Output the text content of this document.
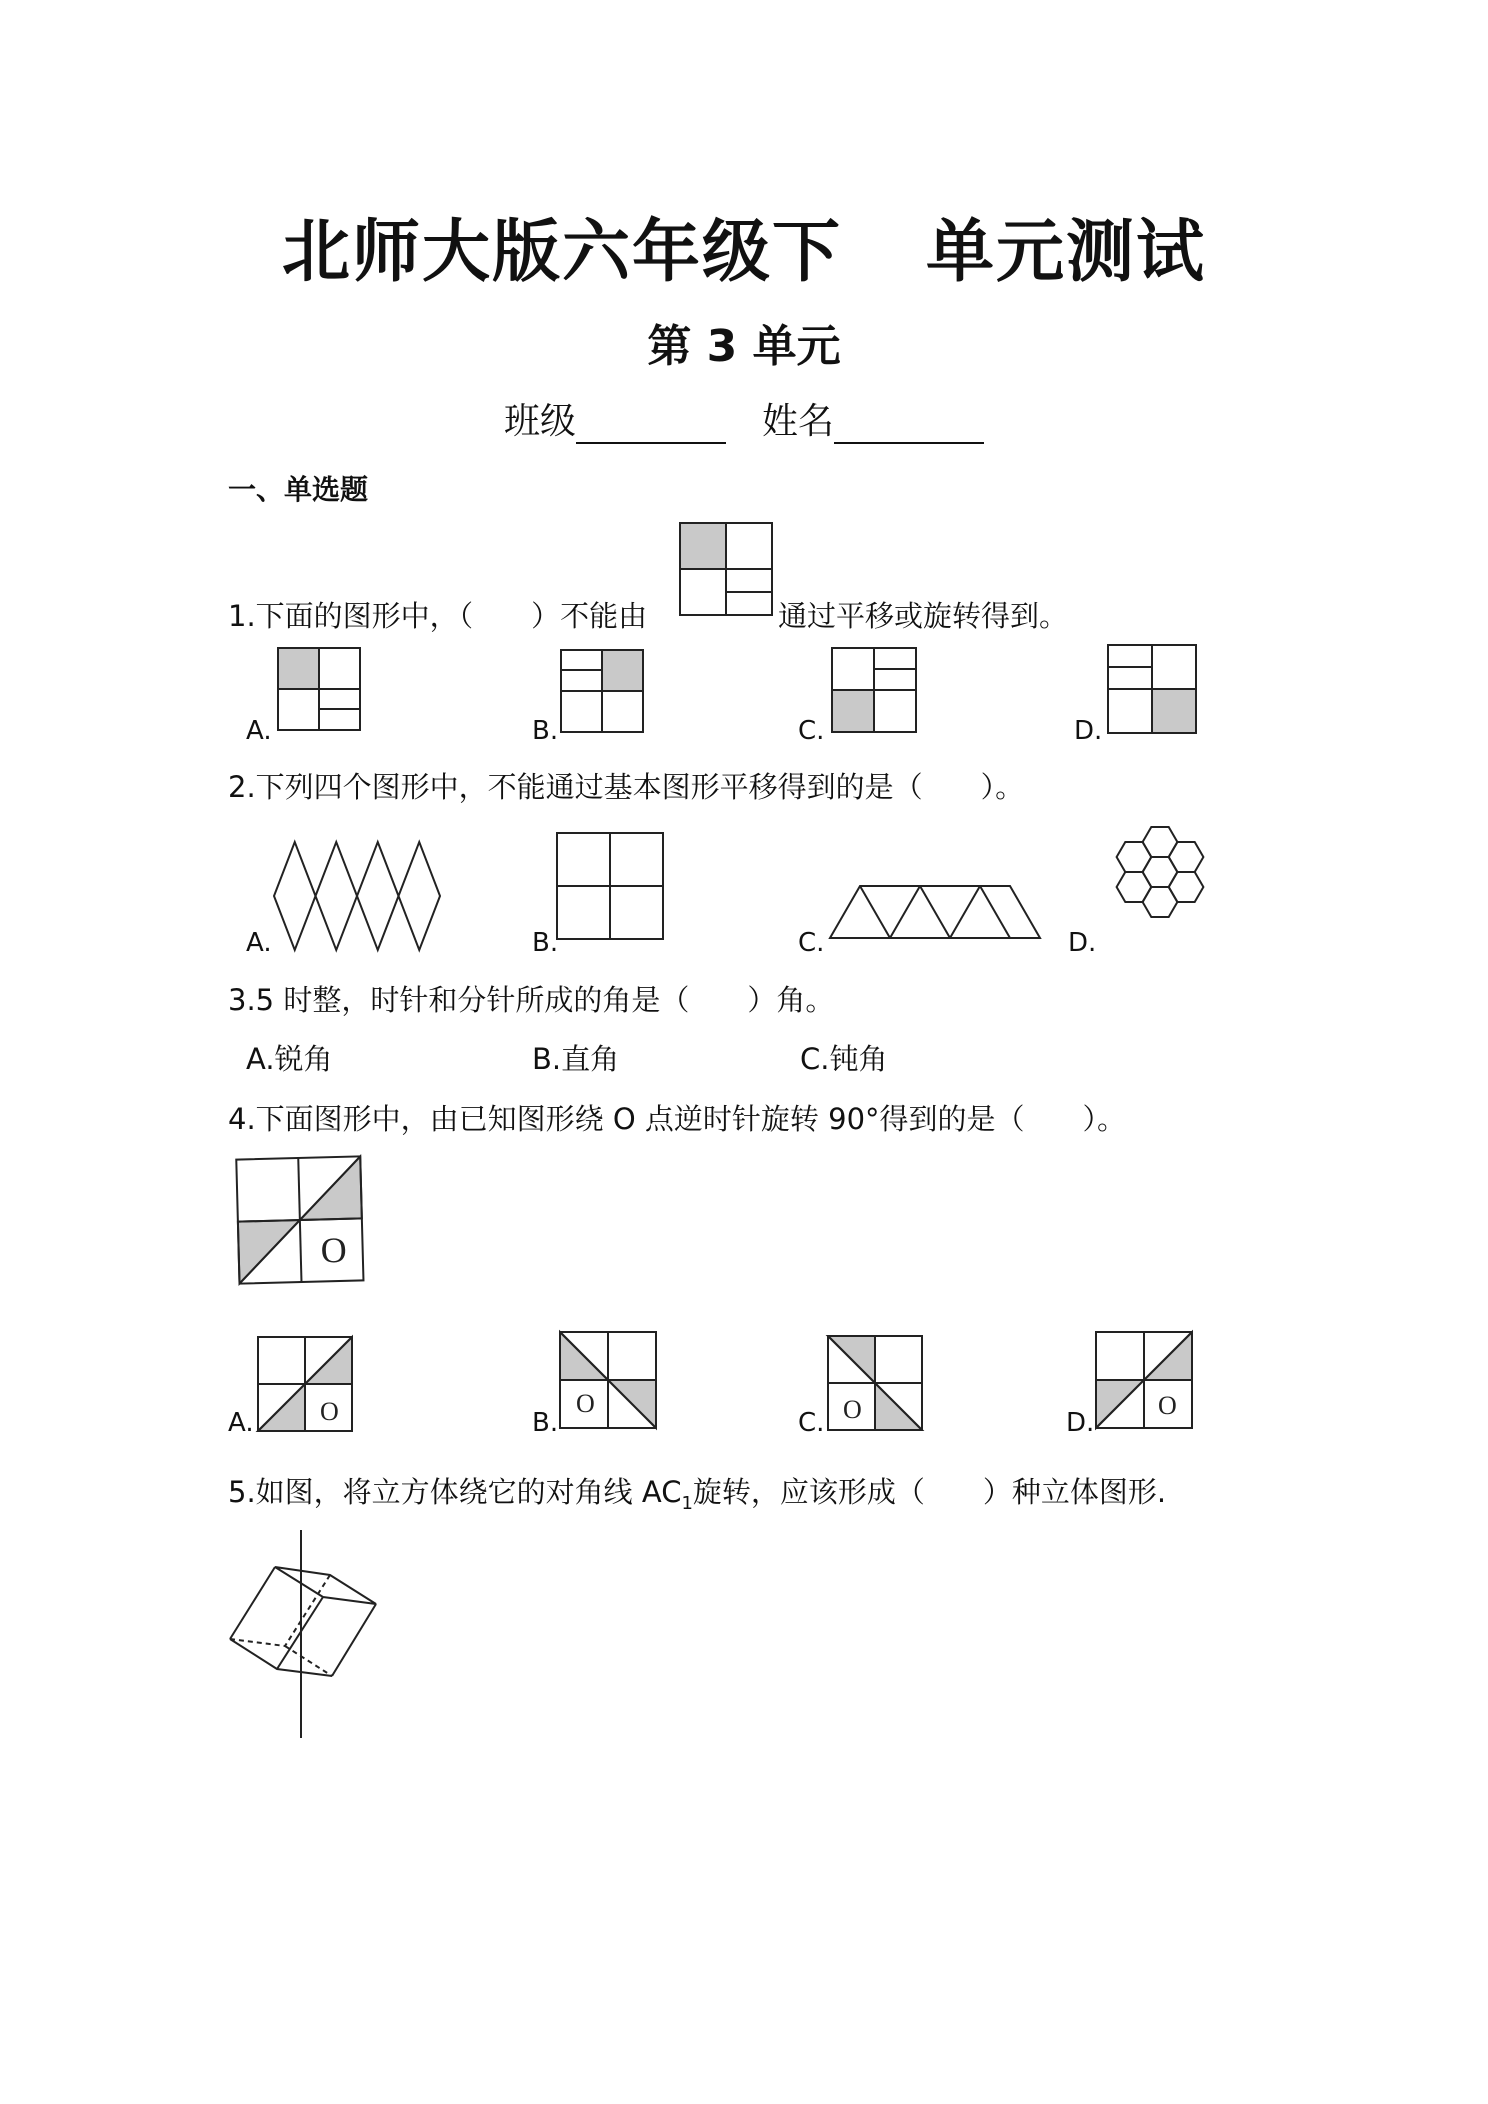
北师大版六年级下 单元测试
第 3 单元
班级	姓名
一、单选题
1.下面的图形中，（　　）不能由	通过平移或旋转得到。
A.	B.	C.	D.
2.下列四个图形中，不能通过基本图形平移得到的是（　　）。
A.	B.	C.	D.
3.5 时整，时针和分针所成的角是（　　）角。
A.锐角	B.直角	C.钝角
4.下面图形中，由已知图形绕 O 点逆时针旋转 90°得到的是（　　）。
O
A.	O	B.
O
C. O	D.
O
5.如图，将立方体绕它的对角线 $AC_1$旋转，应该形成（　　）种立体图形.
